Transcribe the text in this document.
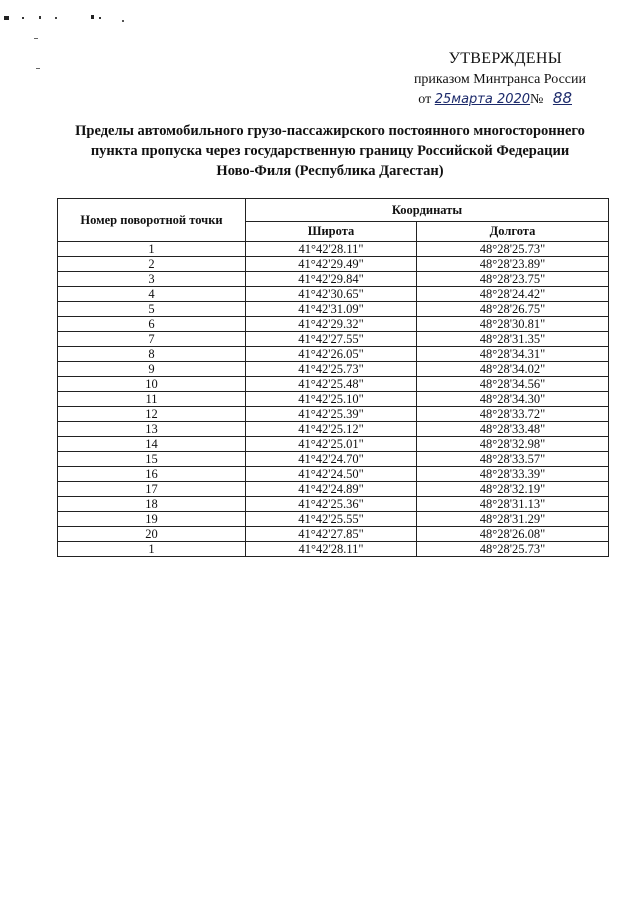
УТВЕРЖДЕНЫ
приказом Минтранса России
от 25марта 2020№ 88
Пределы автомобильного грузо-пассажирского постоянного многостороннего
пункта пропуска через государственную границу Российской Федерации
Ново-Филя (Республика Дагестан)
Номер поворотной точки	Координаты	
	Широта	Долгота
1	41°42'28.11"	48°28'25.73"
2	41°42'29.49"	48°28'23.89"
3	41°42'29.84"	48°28'23.75"
4	41°42'30.65"	48°28'24.42"
5	41°42'31.09"	48°28'26.75"
6	41°42'29.32"	48°28'30.81"
7	41°42'27.55"	48°28'31.35"
8	41°42'26.05"	48°28'34.31"
9	41°42'25.73"	48°28'34.02"
10	41°42'25.48"	48°28'34.56"
11	41°42'25.10"	48°28'34.30"
12	41°42'25.39"	48°28'33.72"
13	41°42'25.12"	48°28'33.48"
14	41°42'25.01"	48°28'32.98"
15	41°42'24.70"	48°28'33.57"
16	41°42'24.50"	48°28'33.39"
17	41°42'24.89"	48°28'32.19"
18	41°42'25.36"	48°28'31.13"
19	41°42'25.55"	48°28'31.29"
20	41°42'27.85"	48°28'26.08"
1	41°42'28.11"	48°28'25.73"
